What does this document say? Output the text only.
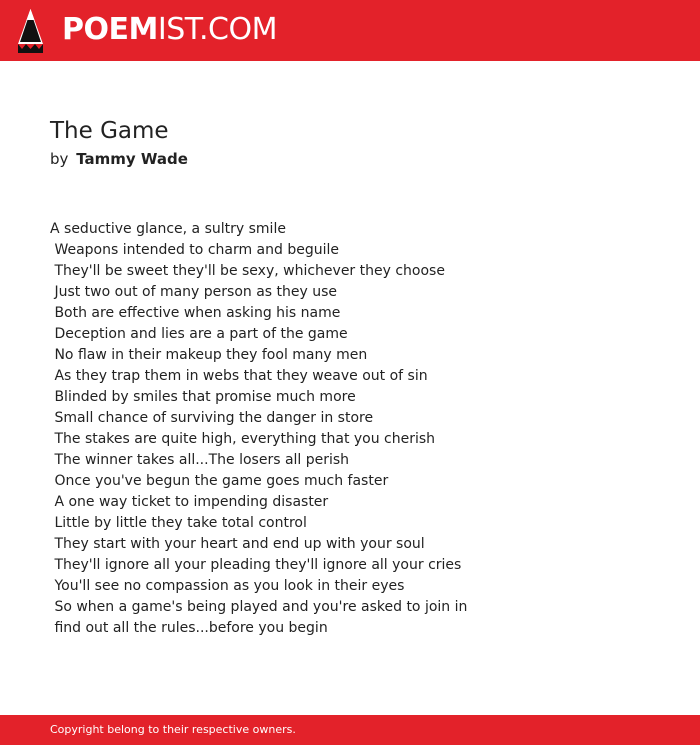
POEMIST.COM
The Game
by Tammy Wade
A seductive glance, a sultry smile
Weapons intended to charm and beguile
They'll be sweet they'll be sexy, whichever they choose
Just two out of many person as they use
Both are effective when asking his name
Deception and lies are a part of the game
No flaw in their makeup they fool many men
As they trap them in webs that they weave out of sin
Blinded by smiles that promise much more
Small chance of surviving the danger in store
The stakes are quite high, everything that you cherish
The winner takes all...The losers all perish
Once you've begun the game goes much faster
A one way ticket to impending disaster
Little by little they take total control
They start with your heart and end up with your soul
They'll ignore all your pleading they'll ignore all your cries
You'll see no compassion as you look in their eyes
So when a game's being played and you're asked to join in
find out all the rules...before you begin
Copyright belong to their respective owners.
